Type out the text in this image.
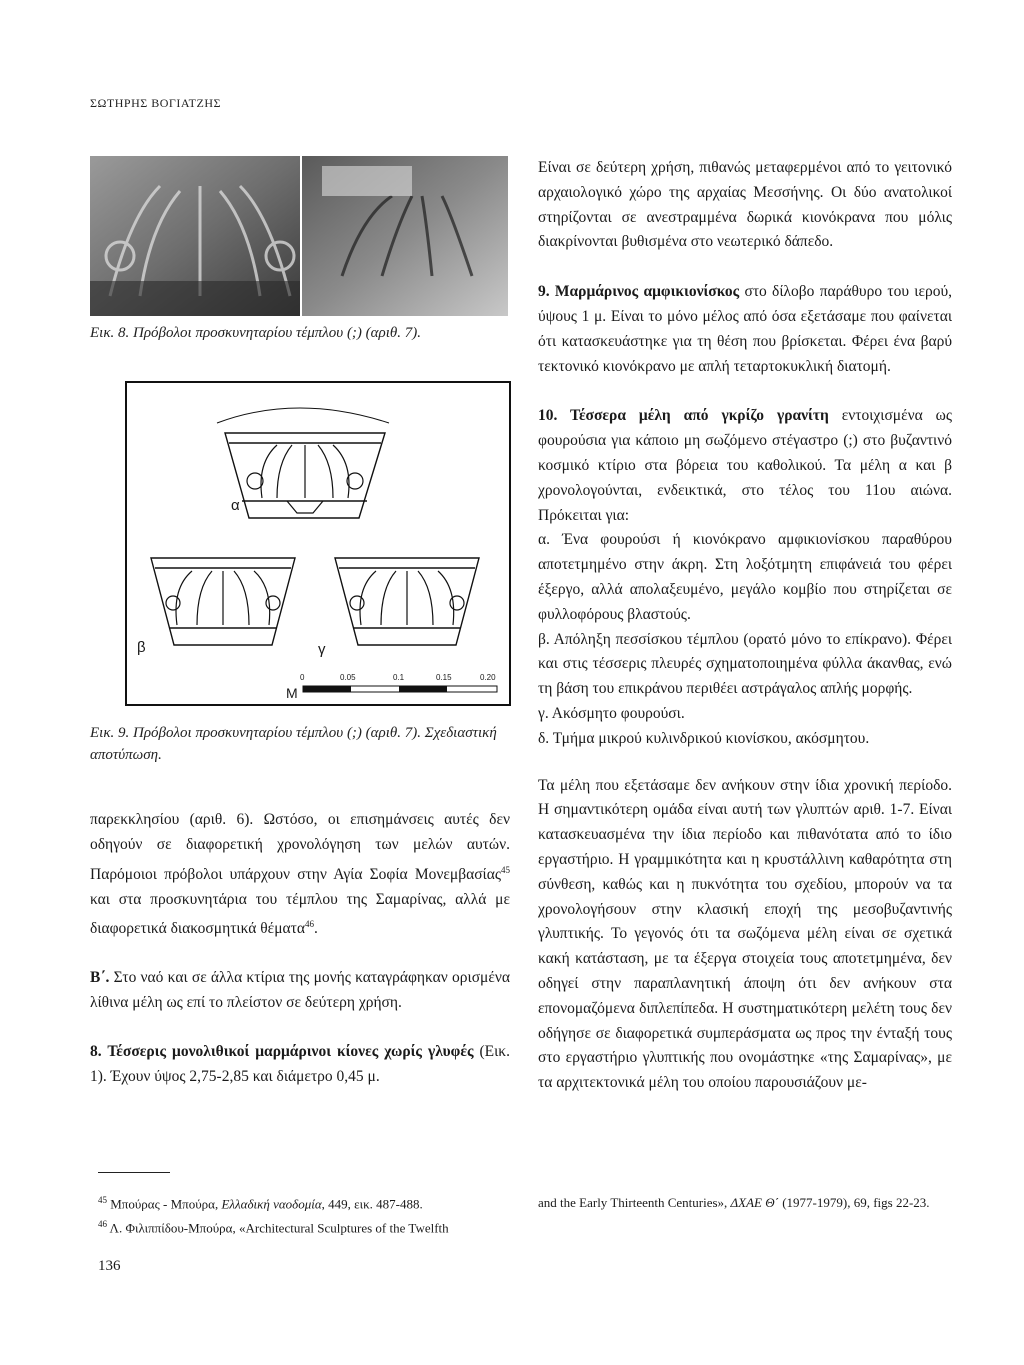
ΣΩΤΗΡΗΣ ΒΟΓΙΑΤΖΗΣ
Εικ. 8. Πρόβολοι προσκυνηταρίου τέμπλου (;) (αριθ. 7).
α
β	γ
M
0	0.05	0.1	0.15	0.20
Εικ. 9. Πρόβολοι προσκυνηταρίου τέμπλου (;) (αριθ. 7). Σχεδιαστική αποτύπωση.

παρεκκλησίου (αριθ. 6). Ωστόσο, οι επισημάνσεις αυτές δεν οδηγούν σε διαφορετική χρονολόγηση των μελών αυτών. Παρόμοιοι πρόβολοι υπάρχουν στην Αγία Σοφία Μονεμβασίας$^{45}$ και στα προσκυνητάρια του τέμπλου της Σαμαρίνας, αλλά με διαφορετικά διακοσμητικά θέματα$^{46}$.

Β΄. Στο ναό και σε άλλα κτίρια της μονής καταγράφηκαν ορισμένα λίθινα μέλη ως επί το πλείστον σε δεύτερη χρήση.

8. Τέσσερις μονολιθικοί μαρμάρινοι κίονες χωρίς γλυφές (Εικ. 1). Έχουν ύψος 2,75-2,85 και διάμετρο 0,45 μ.

Είναι σε δεύτερη χρήση, πιθανώς μεταφερμένοι από το γειτονικό αρχαιολογικό χώρο της αρχαίας Μεσσήνης. Οι δύο ανατολικοί στηρίζονται σε ανεστραμμένα δωρικά κιονόκρανα που μόλις διακρίνονται βυθισμένα στο νεωτερικό δάπεδο.

9. Μαρμάρινος αμφικιονίσκος στο δίλοβο παράθυρο του ιερού, ύψους 1 μ. Είναι το μόνο μέλος από όσα εξετάσαμε που φαίνεται ότι κατασκευάστηκε για τη θέση που βρίσκεται. Φέρει ένα βαρύ τεκτονικό κιονόκρανο με απλή τεταρτοκυκλική διατομή.

10. Τέσσερα μέλη από γκρίζο γρανίτη εντοιχισμένα ως φουρούσια για κάποιο μη σωζόμενο στέγαστρο (;) στο βυζαντινό κοσμικό κτίριο στα βόρεια του καθολικού. Τα μέλη α και β χρονολογούνται, ενδεικτικά, στο τέλος του 11ου αιώνα. Πρόκειται για:

α. Ένα φουρούσι ή κιονόκρανο αμφικιονίσκου παραθύρου αποτετμημένο στην άκρη. Στη λοξότμητη επιφάνειά του φέρει έξεργο, αλλά απολαξευμένο, μεγάλο κομβίο που στηρίζεται σε φυλλοφόρους βλαστούς.

β. Απόληξη πεσσίσκου τέμπλου (ορατό μόνο το επίκρανο). Φέρει και στις τέσσερις πλευρές σχηματοποιημένα φύλλα άκανθας, ενώ τη βάση του επικράνου περιθέει αστράγαλος απλής μορφής.

γ. Ακόσμητο φουρούσι.

δ. Τμήμα μικρού κυλινδρικού κιονίσκου, ακόσμητου.

Τα μέλη που εξετάσαμε δεν ανήκουν στην ίδια χρονική περίοδο. Η σημαντικότερη ομάδα είναι αυτή των γλυπτών αριθ. 1-7. Είναι κατασκευασμένα την ίδια περίοδο και πιθανότατα από το ίδιο εργαστήριο. Η γραμμικότητα και η κρυστάλλινη καθαρότητα στη σύνθεση, καθώς και η πυκνότητα του σχεδίου, μπορούν να τα χρονολογήσουν στην κλασική εποχή της μεσοβυζαντινής γλυπτικής. Το γεγονός ότι τα σωζόμενα μέλη είναι σε σχετικά κακή κατάσταση, με τα έξεργα στοιχεία τους αποτετμημένα, δεν οδηγεί στην παραπλανητική άποψη ότι δεν ανήκουν στα επονομαζόμενα διπλεπίπεδα. Η συστηματικότερη μελέτη τους δεν οδήγησε σε διαφορετικά συμπεράσματα ως προς την ένταξή τους στο εργαστήριο γλυπτικής που ονομάστηκε «της Σαμαρίνας», με τα αρχιτεκτονικά μέλη του οποίου παρουσιάζουν με-

$^{45}$ Μπούρας - Μπούρα, Ελλαδική ναοδομία, 449, εικ. 487-488.
$^{46}$ Λ. Φιλιππίδου-Μπούρα, «Architectural Sculptures of the Twelfth
and the Early Thirteenth Centuries», ΔΧΑΕ Θ΄ (1977-1979), 69, figs 22-23.
136
